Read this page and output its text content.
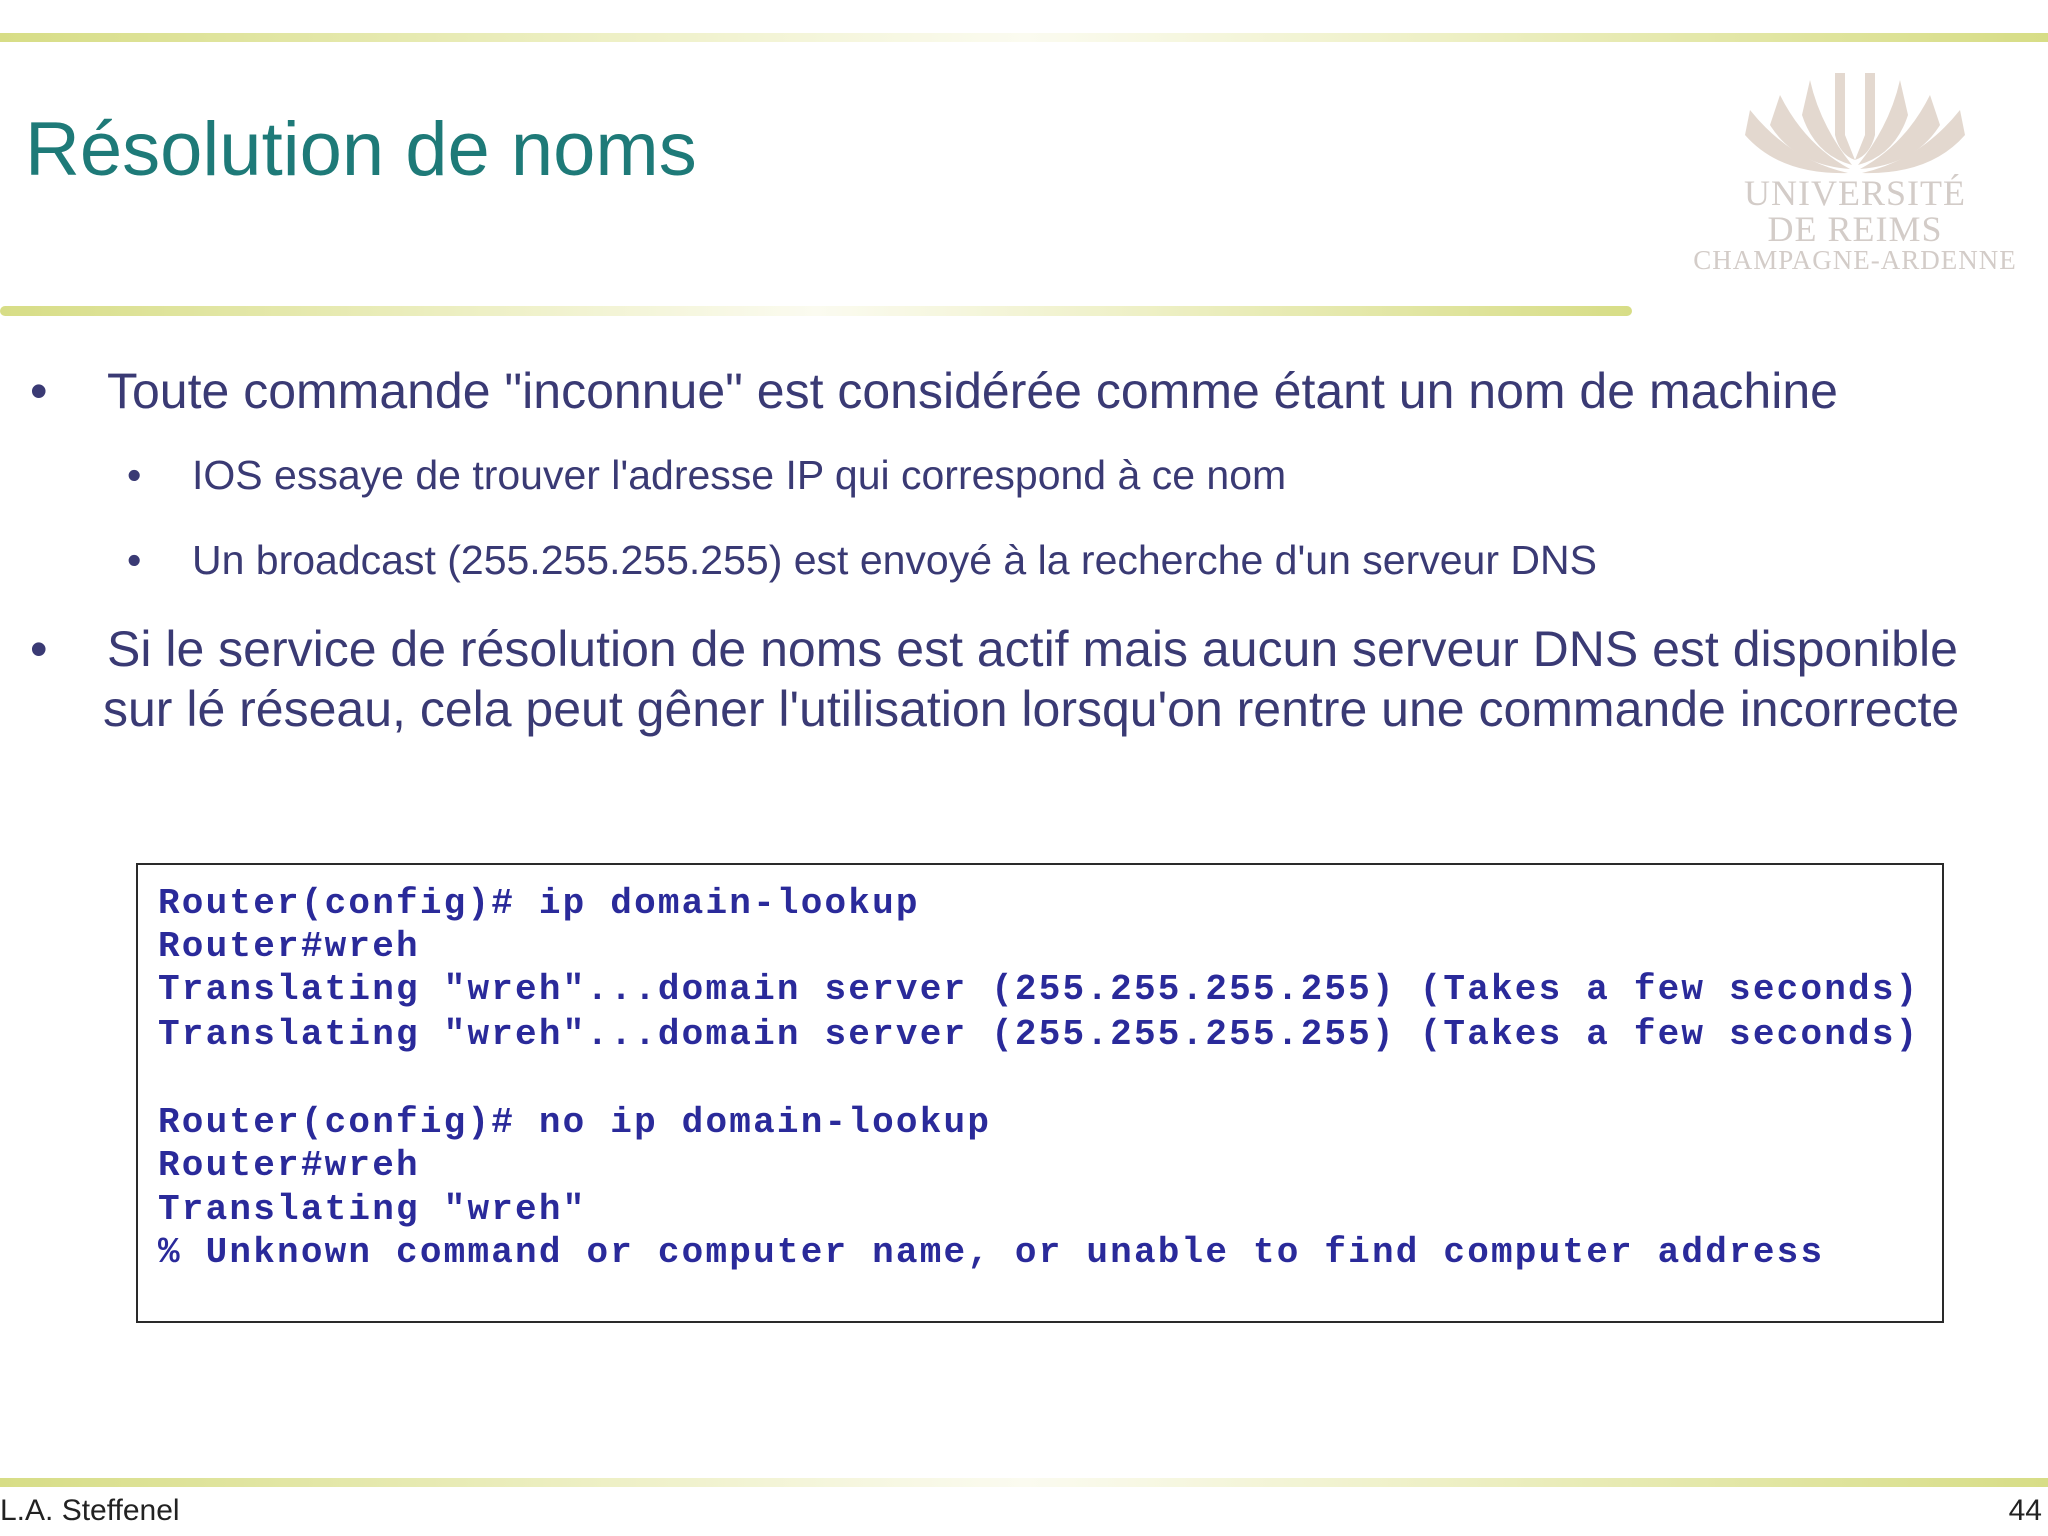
Résolution de noms
UNIVERSITÉ
DE REIMS
CHAMPAGNE-ARDENNE
• Toute commande "inconnue" est considérée comme étant un nom de machine
• IOS essaye de trouver l'adresse IP qui correspond à ce nom
• Un broadcast (255.255.255.255) est envoyé à la recherche d'un serveur DNS
• Si le service de résolution de noms est actif mais aucun serveur DNS est disponible
sur lé réseau, cela peut gêner l'utilisation lorsqu'on rentre une commande incorrecte
Router(config)# ip domain-lookup
Router#wreh
Translating "wreh"...domain server (255.255.255.255) (Takes a few seconds)
Translating "wreh"...domain server (255.255.255.255) (Takes a few seconds)
Router(config)# no ip domain-lookup
Router#wreh
Translating "wreh"
% Unknown command or computer name, or unable to find computer address
L.A. Steffenel	44
